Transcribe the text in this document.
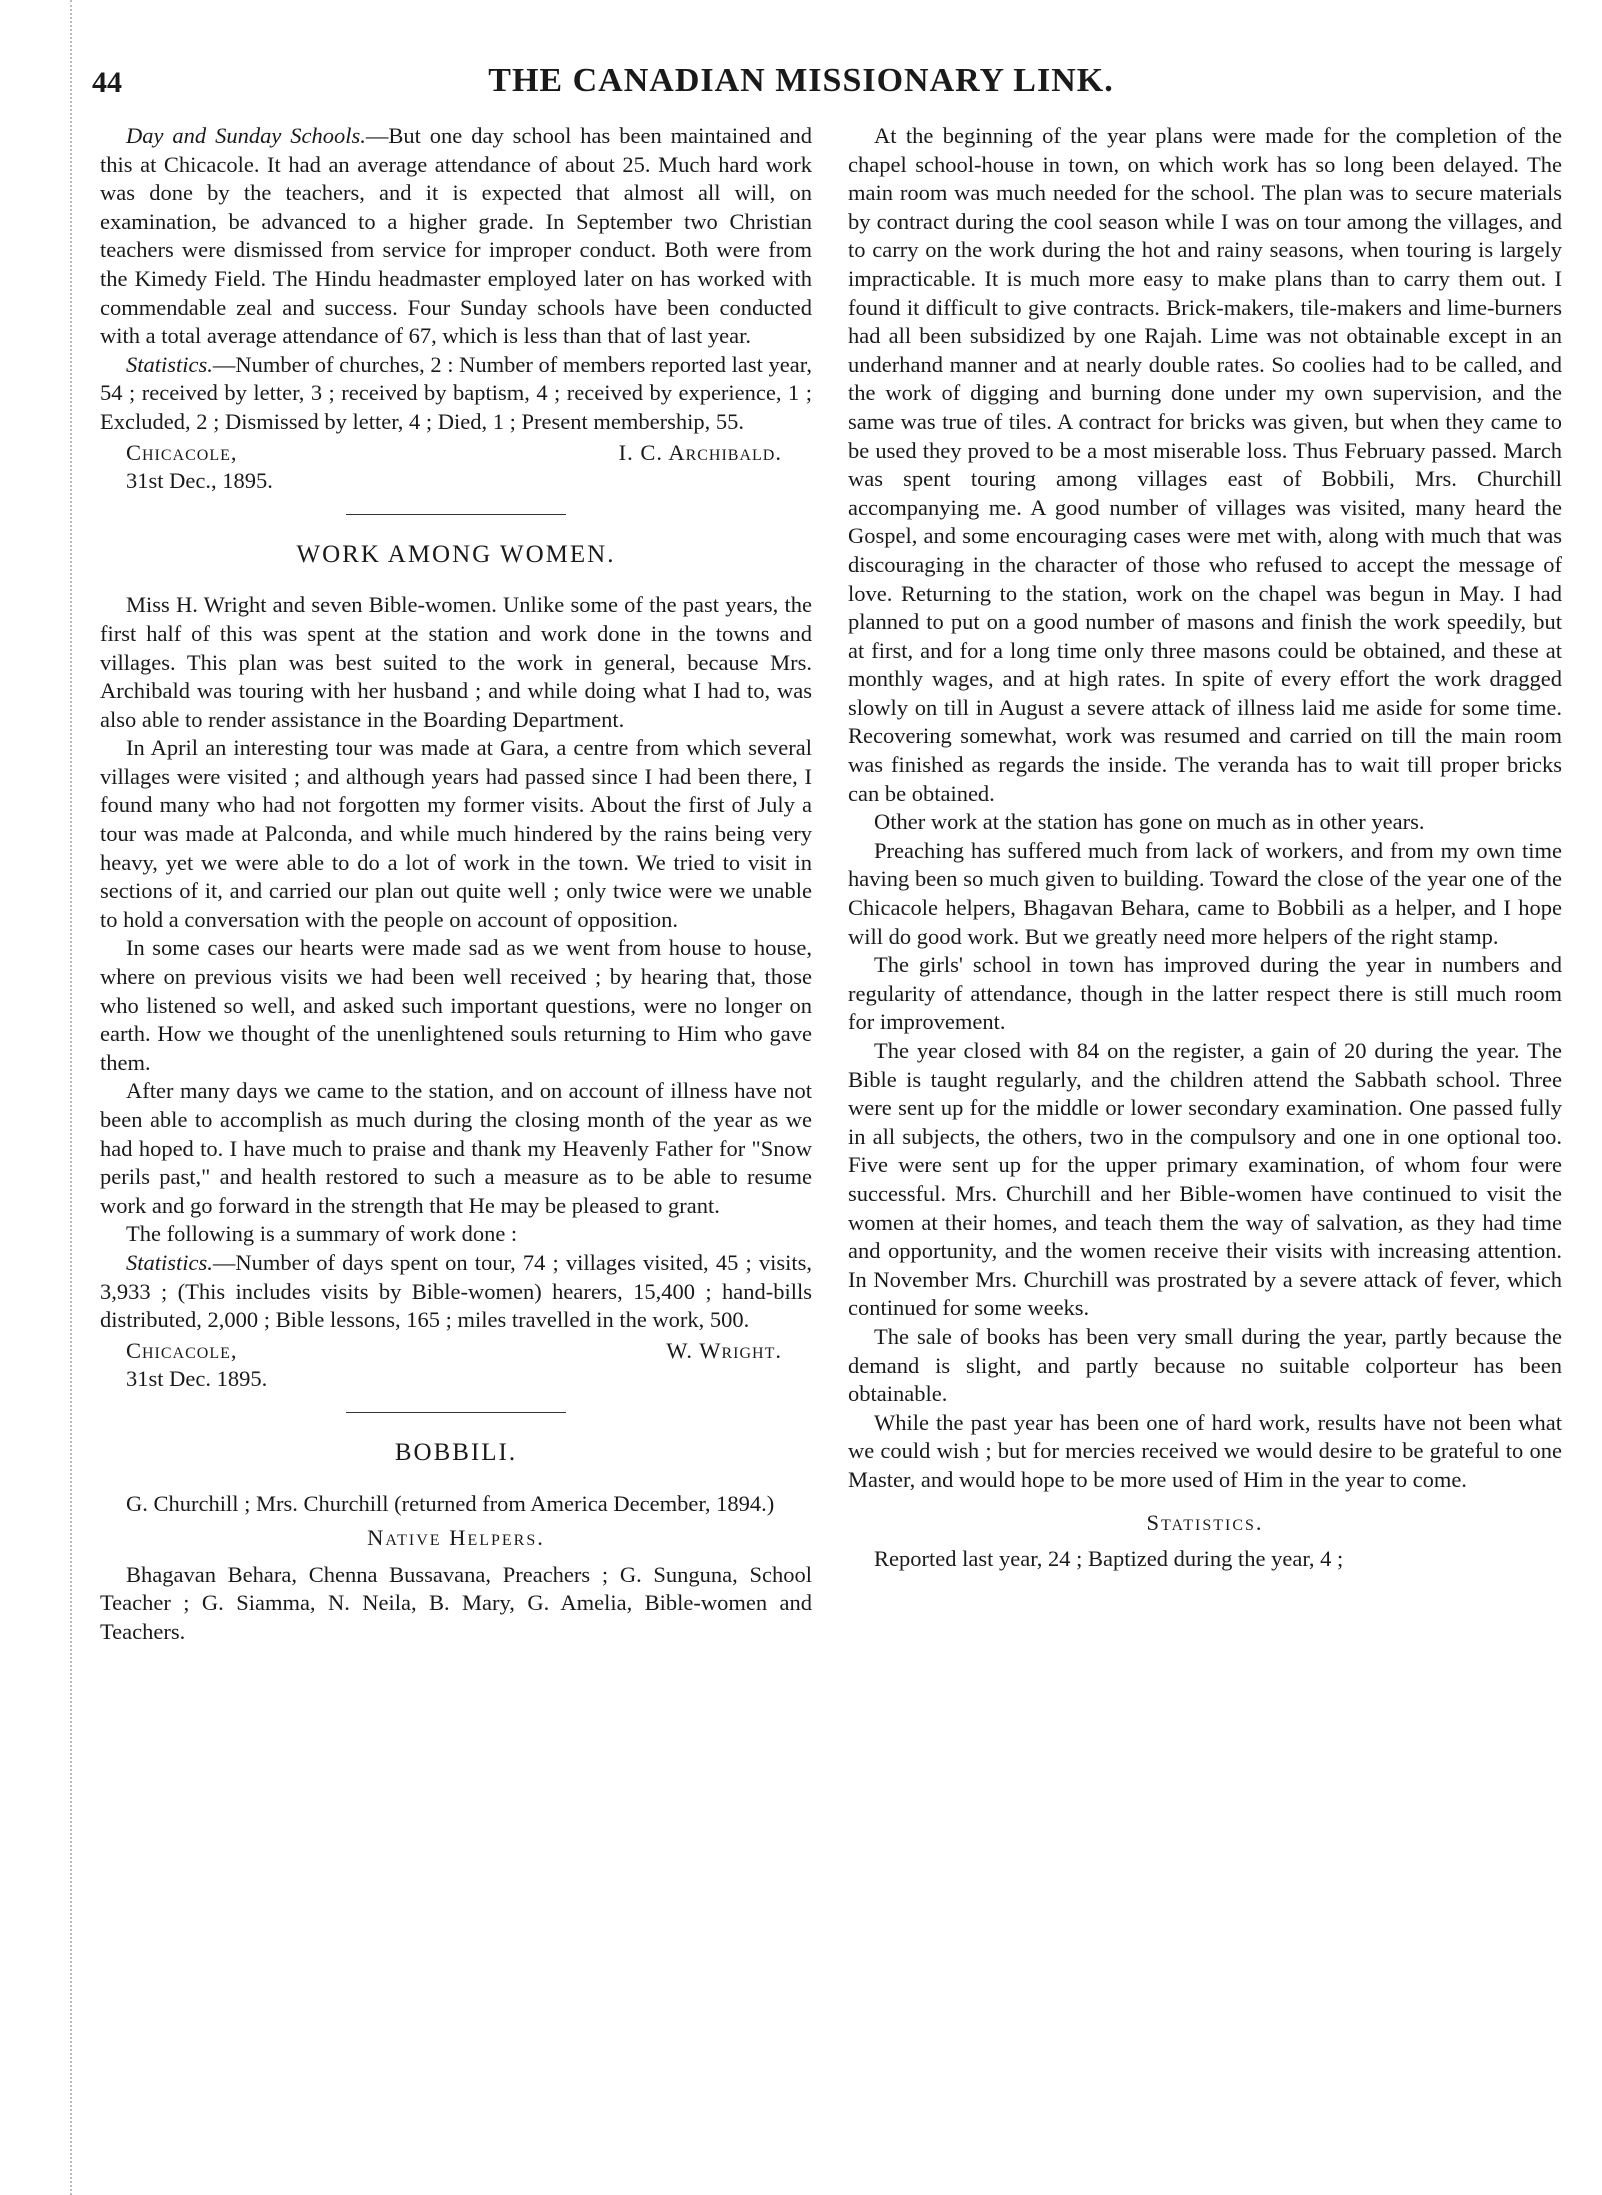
44	THE CANADIAN MISSIONARY LINK.

Day and Sunday Schools.—But one day school has been maintained and this at Chicacole. It had an average attendance of about 25. Much hard work was done by the teachers, and it is expected that almost all will, on examination, be advanced to a higher grade. In September two Christian teachers were dismissed from service for improper conduct. Both were from the Kimedy Field. The Hindu headmaster employed later on has worked with commendable zeal and success. Four Sunday schools have been conducted with a total average attendance of 67, which is less than that of last year.

Statistics.—Number of churches, 2 : Number of members reported last year, 54 ; received by letter, 3 ; received by baptism, 4 ; received by experience, 1 ; Excluded, 2 ; Dismissed by letter, 4 ; Died, 1 ; Present membership, 55.

Chicacole,	I. C. Archibald.
31st Dec., 1895.
WORK AMONG WOMEN.

Miss H. Wright and seven Bible-women. Unlike some of the past years, the first half of this was spent at the station and work done in the towns and villages. This plan was best suited to the work in general, because Mrs. Archibald was touring with her husband ; and while doing what I had to, was also able to render assistance in the Boarding Department.

In April an interesting tour was made at Gara, a centre from which several villages were visited ; and although years had passed since I had been there, I found many who had not forgotten my former visits. About the first of July a tour was made at Palconda, and while much hindered by the rains being very heavy, yet we were able to do a lot of work in the town. We tried to visit in sections of it, and carried our plan out quite well ; only twice were we unable to hold a conversation with the people on account of opposition.

In some cases our hearts were made sad as we went from house to house, where on previous visits we had been well received ; by hearing that, those who listened so well, and asked such important questions, were no longer on earth. How we thought of the unenlightened souls returning to Him who gave them.

After many days we came to the station, and on account of illness have not been able to accomplish as much during the closing month of the year as we had hoped to. I have much to praise and thank my Heavenly Father for "Snow perils past," and health restored to such a measure as to be able to resume work and go forward in the strength that He may be pleased to grant.

The following is a summary of work done :

Statistics.—Number of days spent on tour, 74 ; villages visited, 45 ; visits, 3,933 ; (This includes visits by Bible-women) hearers, 15,400 ; hand-bills distributed, 2,000 ; Bible lessons, 165 ; miles travelled in the work, 500.

Chicacole,	W. Wright.
31st Dec. 1895.
BOBBILI.

G. Churchill ; Mrs. Churchill (returned from America December, 1894.)

Native Helpers.

Bhagavan Behara, Chenna Bussavana, Preachers ; G. Sunguna, School Teacher ; G. Siamma, N. Neila, B. Mary, G. Amelia, Bible-women and Teachers.

At the beginning of the year plans were made for the completion of the chapel school-house in town, on which work has so long been delayed. The main room was much needed for the school. The plan was to secure materials by contract during the cool season while I was on tour among the villages, and to carry on the work during the hot and rainy seasons, when touring is largely impracticable. It is much more easy to make plans than to carry them out. I found it difficult to give contracts. Brick-makers, tile-makers and lime-burners had all been subsidized by one Rajah. Lime was not obtainable except in an underhand manner and at nearly double rates. So coolies had to be called, and the work of digging and burning done under my own supervision, and the same was true of tiles. A contract for bricks was given, but when they came to be used they proved to be a most miserable loss. Thus February passed. March was spent touring among villages east of Bobbili, Mrs. Churchill accompanying me. A good number of villages was visited, many heard the Gospel, and some encouraging cases were met with, along with much that was discouraging in the character of those who refused to accept the message of love. Returning to the station, work on the chapel was begun in May. I had planned to put on a good number of masons and finish the work speedily, but at first, and for a long time only three masons could be obtained, and these at monthly wages, and at high rates. In spite of every effort the work dragged slowly on till in August a severe attack of illness laid me aside for some time. Recovering somewhat, work was resumed and carried on till the main room was finished as regards the inside. The veranda has to wait till proper bricks can be obtained.

Other work at the station has gone on much as in other years.

Preaching has suffered much from lack of workers, and from my own time having been so much given to building. Toward the close of the year one of the Chicacole helpers, Bhagavan Behara, came to Bobbili as a helper, and I hope will do good work. But we greatly need more helpers of the right stamp.

The girls' school in town has improved during the year in numbers and regularity of attendance, though in the latter respect there is still much room for improvement.

The year closed with 84 on the register, a gain of 20 during the year. The Bible is taught regularly, and the children attend the Sabbath school. Three were sent up for the middle or lower secondary examination. One passed fully in all subjects, the others, two in the compulsory and one in one optional too. Five were sent up for the upper primary examination, of whom four were successful. Mrs. Churchill and her Bible-women have continued to visit the women at their homes, and teach them the way of salvation, as they had time and opportunity, and the women receive their visits with increasing attention. In November Mrs. Churchill was prostrated by a severe attack of fever, which continued for some weeks.

The sale of books has been very small during the year, partly because the demand is slight, and partly because no suitable colporteur has been obtainable.

While the past year has been one of hard work, results have not been what we could wish ; but for mercies received we would desire to be grateful to one Master, and would hope to be more used of Him in the year to come.

Statistics.

Reported last year, 24 ; Baptized during the year, 4 ;
